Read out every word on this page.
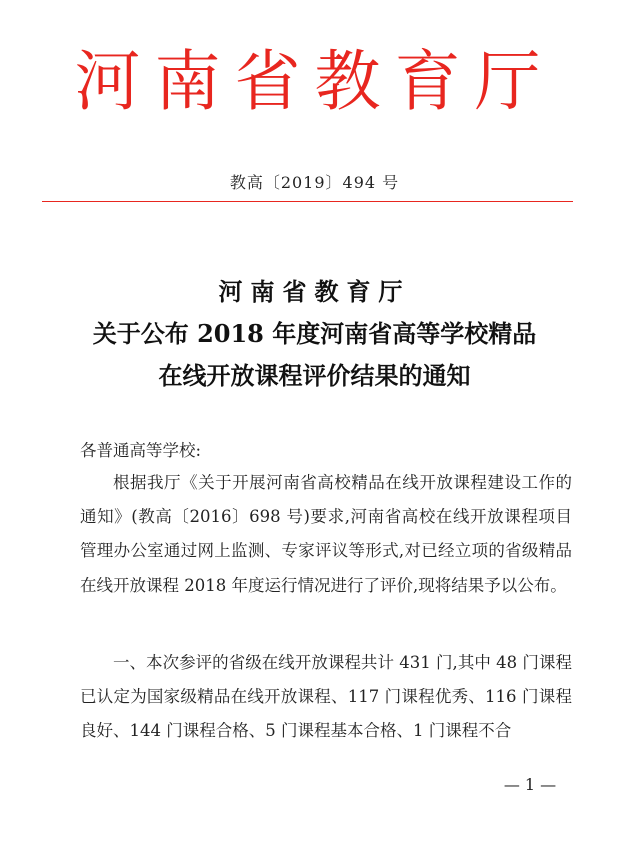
河南省教育厅
教高〔2019〕494 号
河南省教育厅
关于公布 2018 年度河南省高等学校精品
在线开放课程评价结果的通知
各普通高等学校:

根据我厅《关于开展河南省高校精品在线开放课程建设工作的通知》(教高〔2016〕698 号)要求,河南省高校在线开放课程项目管理办公室通过网上监测、专家评议等形式,对已经立项的省级精品在线开放课程 2018 年度运行情况进行了评价,现将结果予以公布。

一、本次参评的省级在线开放课程共计 431 门,其中 48 门课程已认定为国家级精品在线开放课程、117 门课程优秀、116 门课程良好、144 门课程合格、5 门课程基本合格、1 门课程不合

— 1 —
